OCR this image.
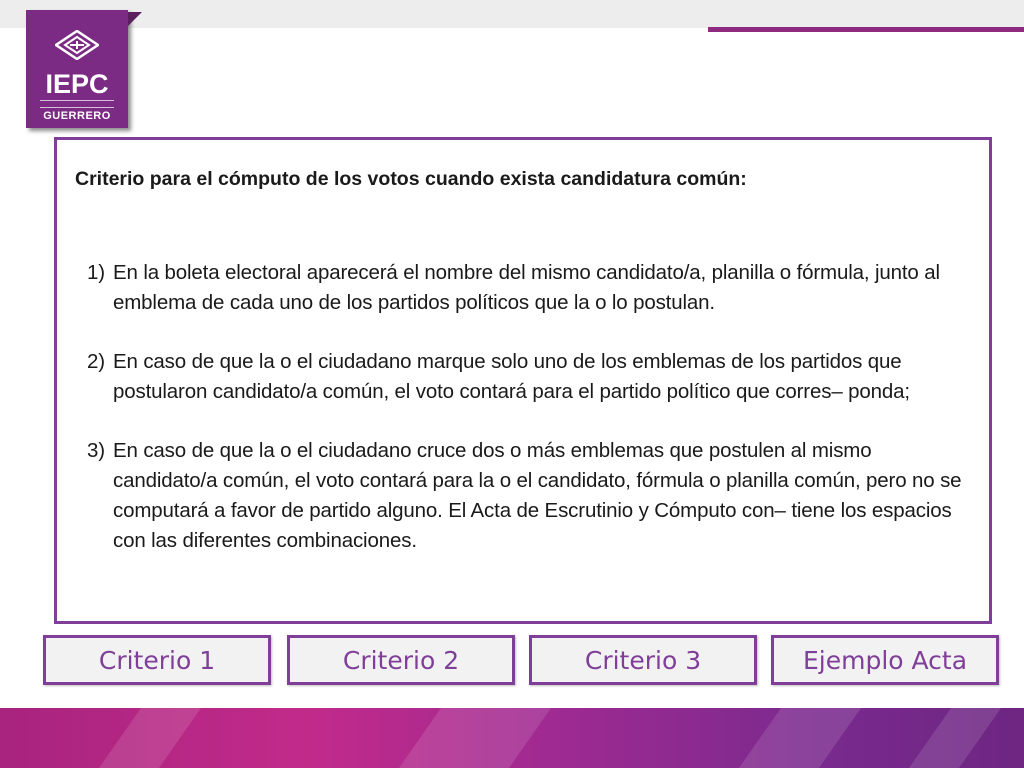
IEPC
GUERRERO
Criterio para el cómputo de los votos cuando exista candidatura común:
1) En la boleta electoral aparecerá el nombre del mismo candidato/a, planilla o fórmula, junto al emblema de cada uno de los partidos políticos que la o lo postulan.
2) En caso de que la o el ciudadano marque solo uno de los emblemas de los partidos que postularon candidato/a común, el voto contará para el partido político que corres– ponda;
3) En caso de que la o el ciudadano cruce dos o más emblemas que postulen al mismo candidato/a común, el voto contará para la o el candidato, fórmula o planilla común, pero no se computará a favor de partido alguno. El Acta de Escrutinio y Cómputo con– tiene los espacios con las diferentes combinaciones.
Criterio 1	Criterio 2	Criterio 3	Ejemplo Acta
